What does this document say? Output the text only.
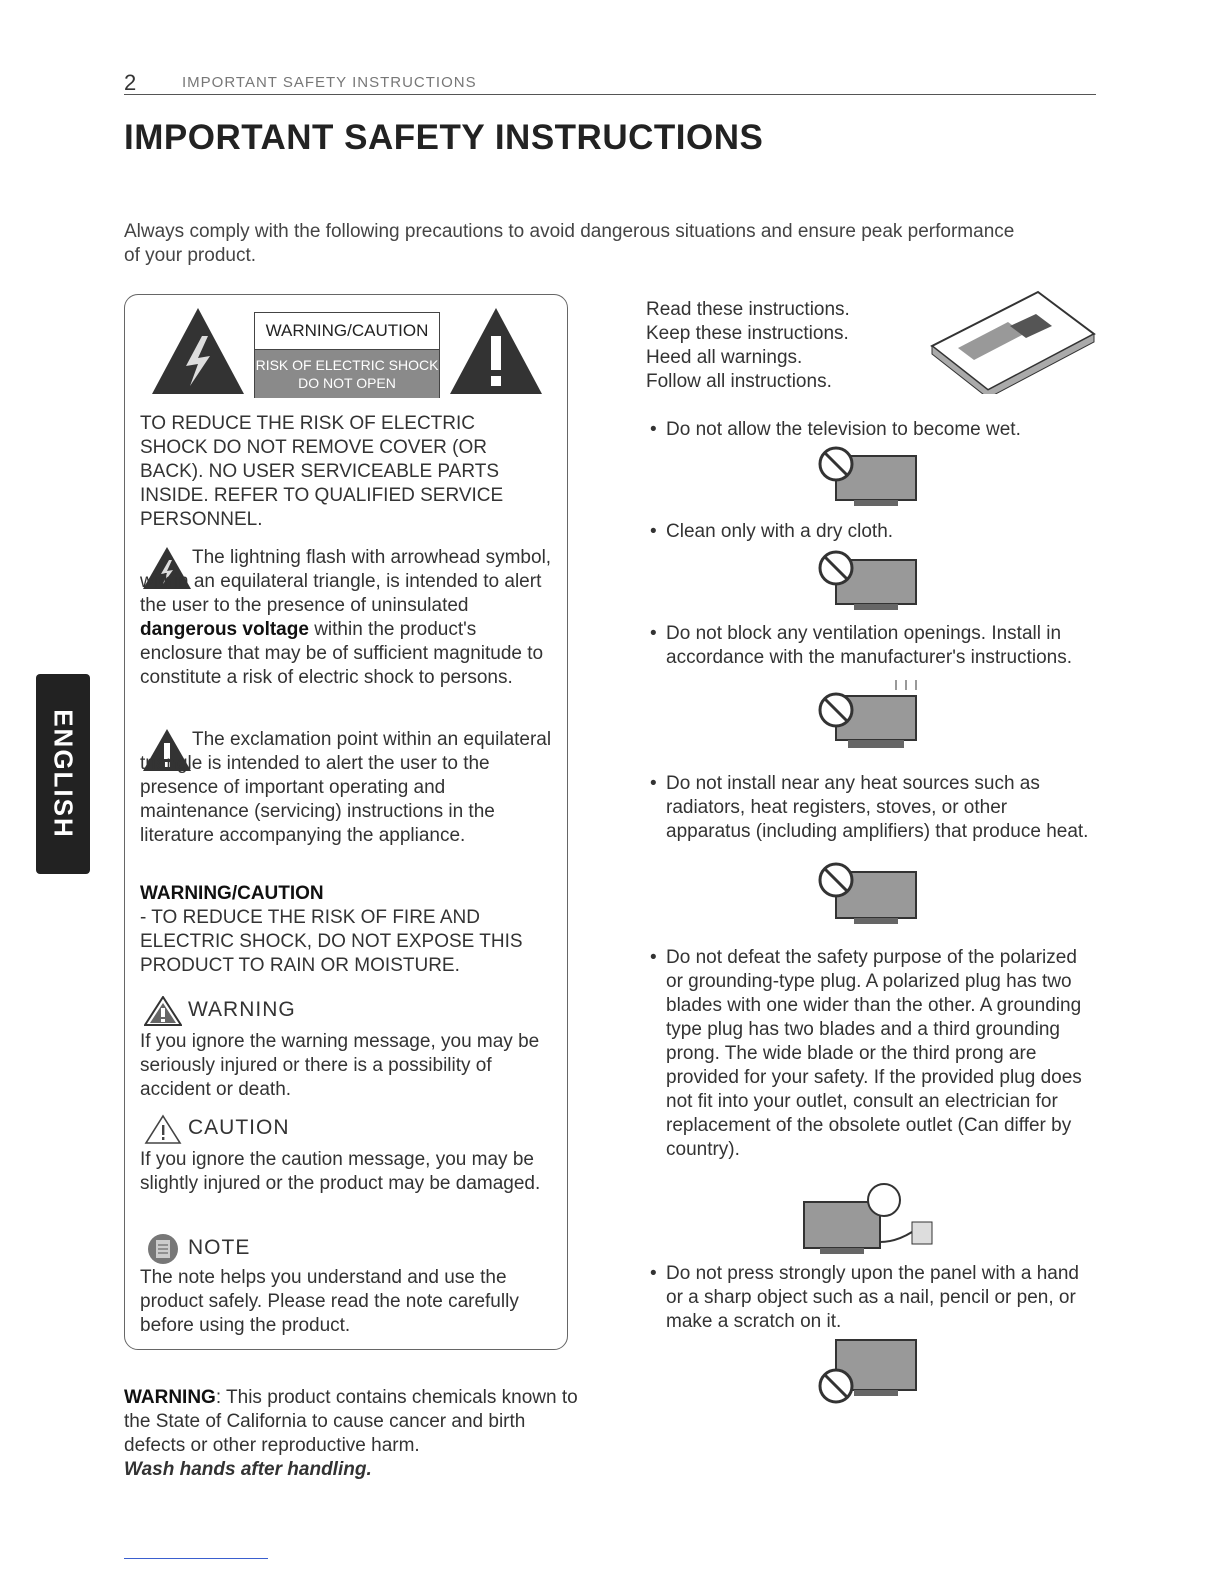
2	IMPORTANT SAFETY INSTRUCTIONS
IMPORTANT SAFETY INSTRUCTIONS

Always comply with the following precautions to avoid dangerous situations and ensure peak performance of your product.

ENGLISH
WARNING/CAUTION
RISK OF ELECTRIC SHOCK
DO NOT OPEN
TO REDUCE THE RISK OF ELECTRIC SHOCK DO NOT REMOVE COVER (OR BACK). NO USER SERVICEABLE PARTS INSIDE. REFER TO QUALIFIED SERVICE PERSONNEL.
The lightning flash with arrowhead symbol, within an equilateral triangle, is intended to alert the user to the presence of uninsulated dangerous voltage within the product's enclosure that may be of sufficient magnitude to constitute a risk of electric shock to persons.
The exclamation point within an equilateral triangle is intended to alert the user to the presence of important operating and maintenance (servicing) instructions in the literature accompanying the appliance.
WARNING/CAUTION
- TO REDUCE THE RISK OF FIRE AND ELECTRIC SHOCK, DO NOT EXPOSE THIS PRODUCT TO RAIN OR MOISTURE.
WARNING
If you ignore the warning message, you may be seriously injured or there is a possibility of accident or death.
CAUTION
If you ignore the caution message, you may be slightly injured or the product may be damaged.
NOTE
The note helps you understand and use the product safely. Please read the note carefully before using the product.
WARNING: This product contains chemicals known to the State of California to cause cancer and birth defects or other reproductive harm.
Wash hands after handling.
Read these instructions.
Keep these instructions.
Heed all warnings.
Follow all instructions.
• Do not allow the television to become wet.
• Clean only with a dry cloth.
• Do not block any ventilation openings. Install in accordance with the manufacturer's instructions.
• Do not install near any heat sources such as radiators, heat registers, stoves, or other apparatus (including amplifiers) that produce heat.
• Do not defeat the safety purpose of the polarized or grounding-type plug. A polarized plug has two blades with one wider than the other. A grounding type plug has two blades and a third grounding prong. The wide blade or the third prong are provided for your safety. If the provided plug does not fit into your outlet, consult an electrician for replacement of the obsolete outlet (Can differ by country).
• Do not press strongly upon the panel with a hand or a sharp object such as a nail, pencil or pen, or make a scratch on it.
